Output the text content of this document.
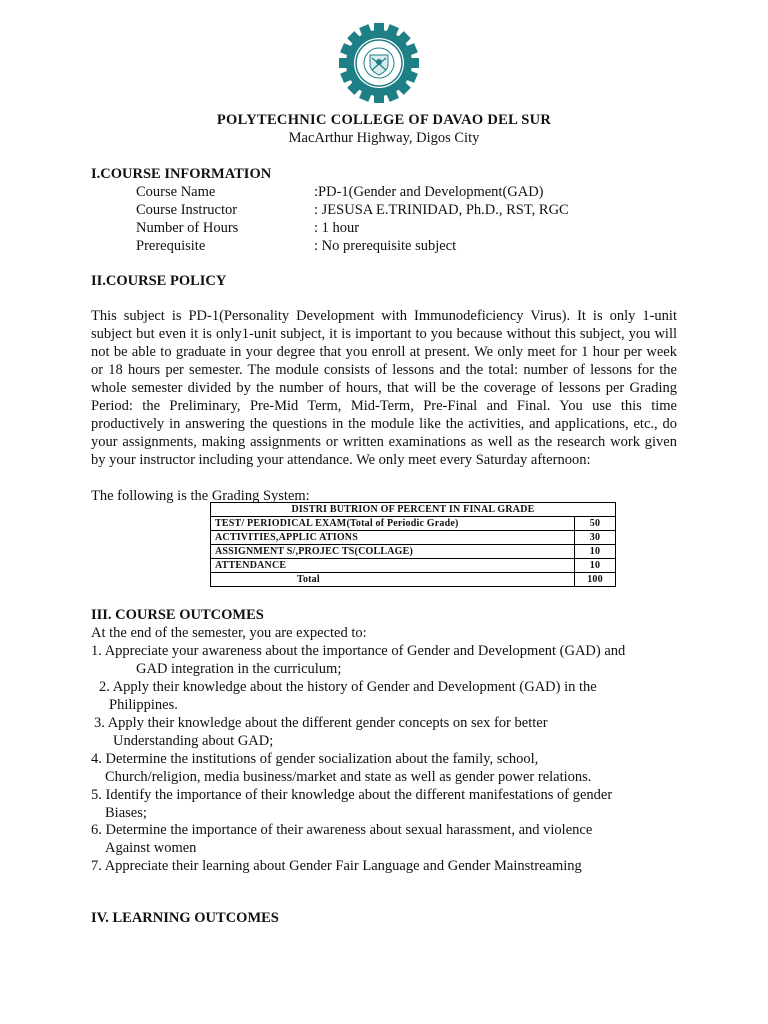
POLYTECHNIC COLLEGE OF DAVAO DEL SUR
MacArthur Highway, Digos City
I.COURSE INFORMATION
Course Name	:PD-1(Gender and Development(GAD)
Course Instructor	: JESUSA E.TRINIDAD, Ph.D., RST, RGC
Number of Hours	: 1 hour
Prerequisite	: No prerequisite subject
II.COURSE POLICY

This subject is PD-1(Personality Development with Immunodeficiency Virus). It is only 1-unit subject but even it is only1-unit subject, it is important to you because without this subject, you will not be able to graduate in your degree that you enroll at present. We only meet for 1 hour per week or 18 hours per semester. The module consists of lessons and the total: number of lessons for the whole semester divided by the number of hours, that will be the coverage of lessons per Grading Period: the Preliminary, Pre-Mid Term, Mid-Term, Pre-Final and Final. You use this time productively in answering the questions in the module like the activities, and applications, etc., do your assignments, making assignments or written examinations as well as the research work given by your instructor including your attendance. We only meet every Saturday afternoon:

The following is the Grading System:
DISTRI BUTRION OF PERCENT IN FINAL GRADE	
TEST/ PERIODICAL EXAM(Total of Periodic Grade)	50
ACTIVITIES,APPLIC ATIONS	30
ASSIGNMENT S/,PROJEC TS(COLLAGE)	10
ATTENDANCE	10
Total	100
III. COURSE OUTCOMES
At the end of the semester, you are expected to:
1. Appreciate your awareness about the importance of Gender and Development (GAD) and
GAD integration in the curriculum;
2. Apply their knowledge about the history of Gender and Development (GAD) in the
Philippines.
3. Apply their knowledge about the different gender concepts on sex for better
Understanding about GAD;
4. Determine the institutions of gender socialization about the family, school,
Church/religion, media business/market and state as well as gender power relations.
5. Identify the importance of their knowledge about the different manifestations of gender
Biases;
6. Determine the importance of their awareness about sexual harassment, and violence
Against women
7. Appreciate their learning about Gender Fair Language and Gender Mainstreaming
IV. LEARNING OUTCOMES
